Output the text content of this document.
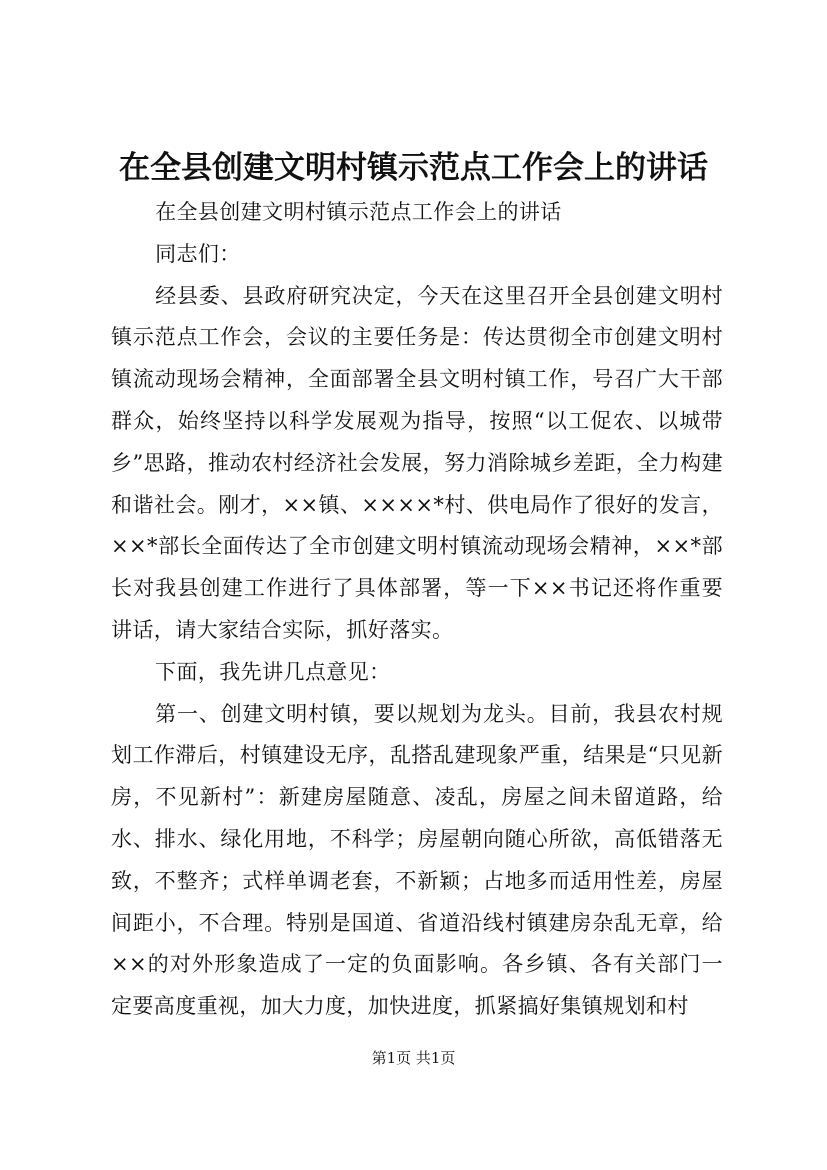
在全县创建文明村镇示范点工作会上的讲话

在全县创建文明村镇示范点工作会上的讲话

同志们：

经县委、县政府研究决定，今天在这里召开全县创建文明村镇示范点工作会，会议的主要任务是：传达贯彻全市创建文明村镇流动现场会精神，全面部署全县文明村镇工作，号召广大干部群众，始终坚持以科学发展观为指导，按照“以工促农、以城带乡”思路，推动农村经济社会发展，努力消除城乡差距，全力构建和谐社会。刚才，××镇、××××*村、供电局作了很好的发言，××*部长全面传达了全市创建文明村镇流动现场会精神，××*部长对我县创建工作进行了具体部署，等一下××书记还将作重要讲话，请大家结合实际，抓好落实。

下面，我先讲几点意见：

第一、创建文明村镇，要以规划为龙头。目前，我县农村规划工作滞后，村镇建设无序，乱搭乱建现象严重，结果是“只见新房，不见新村”：新建房屋随意、凌乱，房屋之间未留道路，给水、排水、绿化用地，不科学；房屋朝向随心所欲，高低错落无致，不整齐；式样单调老套，不新颖；占地多而适用性差，房屋间距小，不合理。特别是国道、省道沿线村镇建房杂乱无章，给××的对外形象造成了一定的负面影响。各乡镇、各有关部门一定要高度重视，加大力度，加快进度，抓紧搞好集镇规划和村

第1页 共1页
